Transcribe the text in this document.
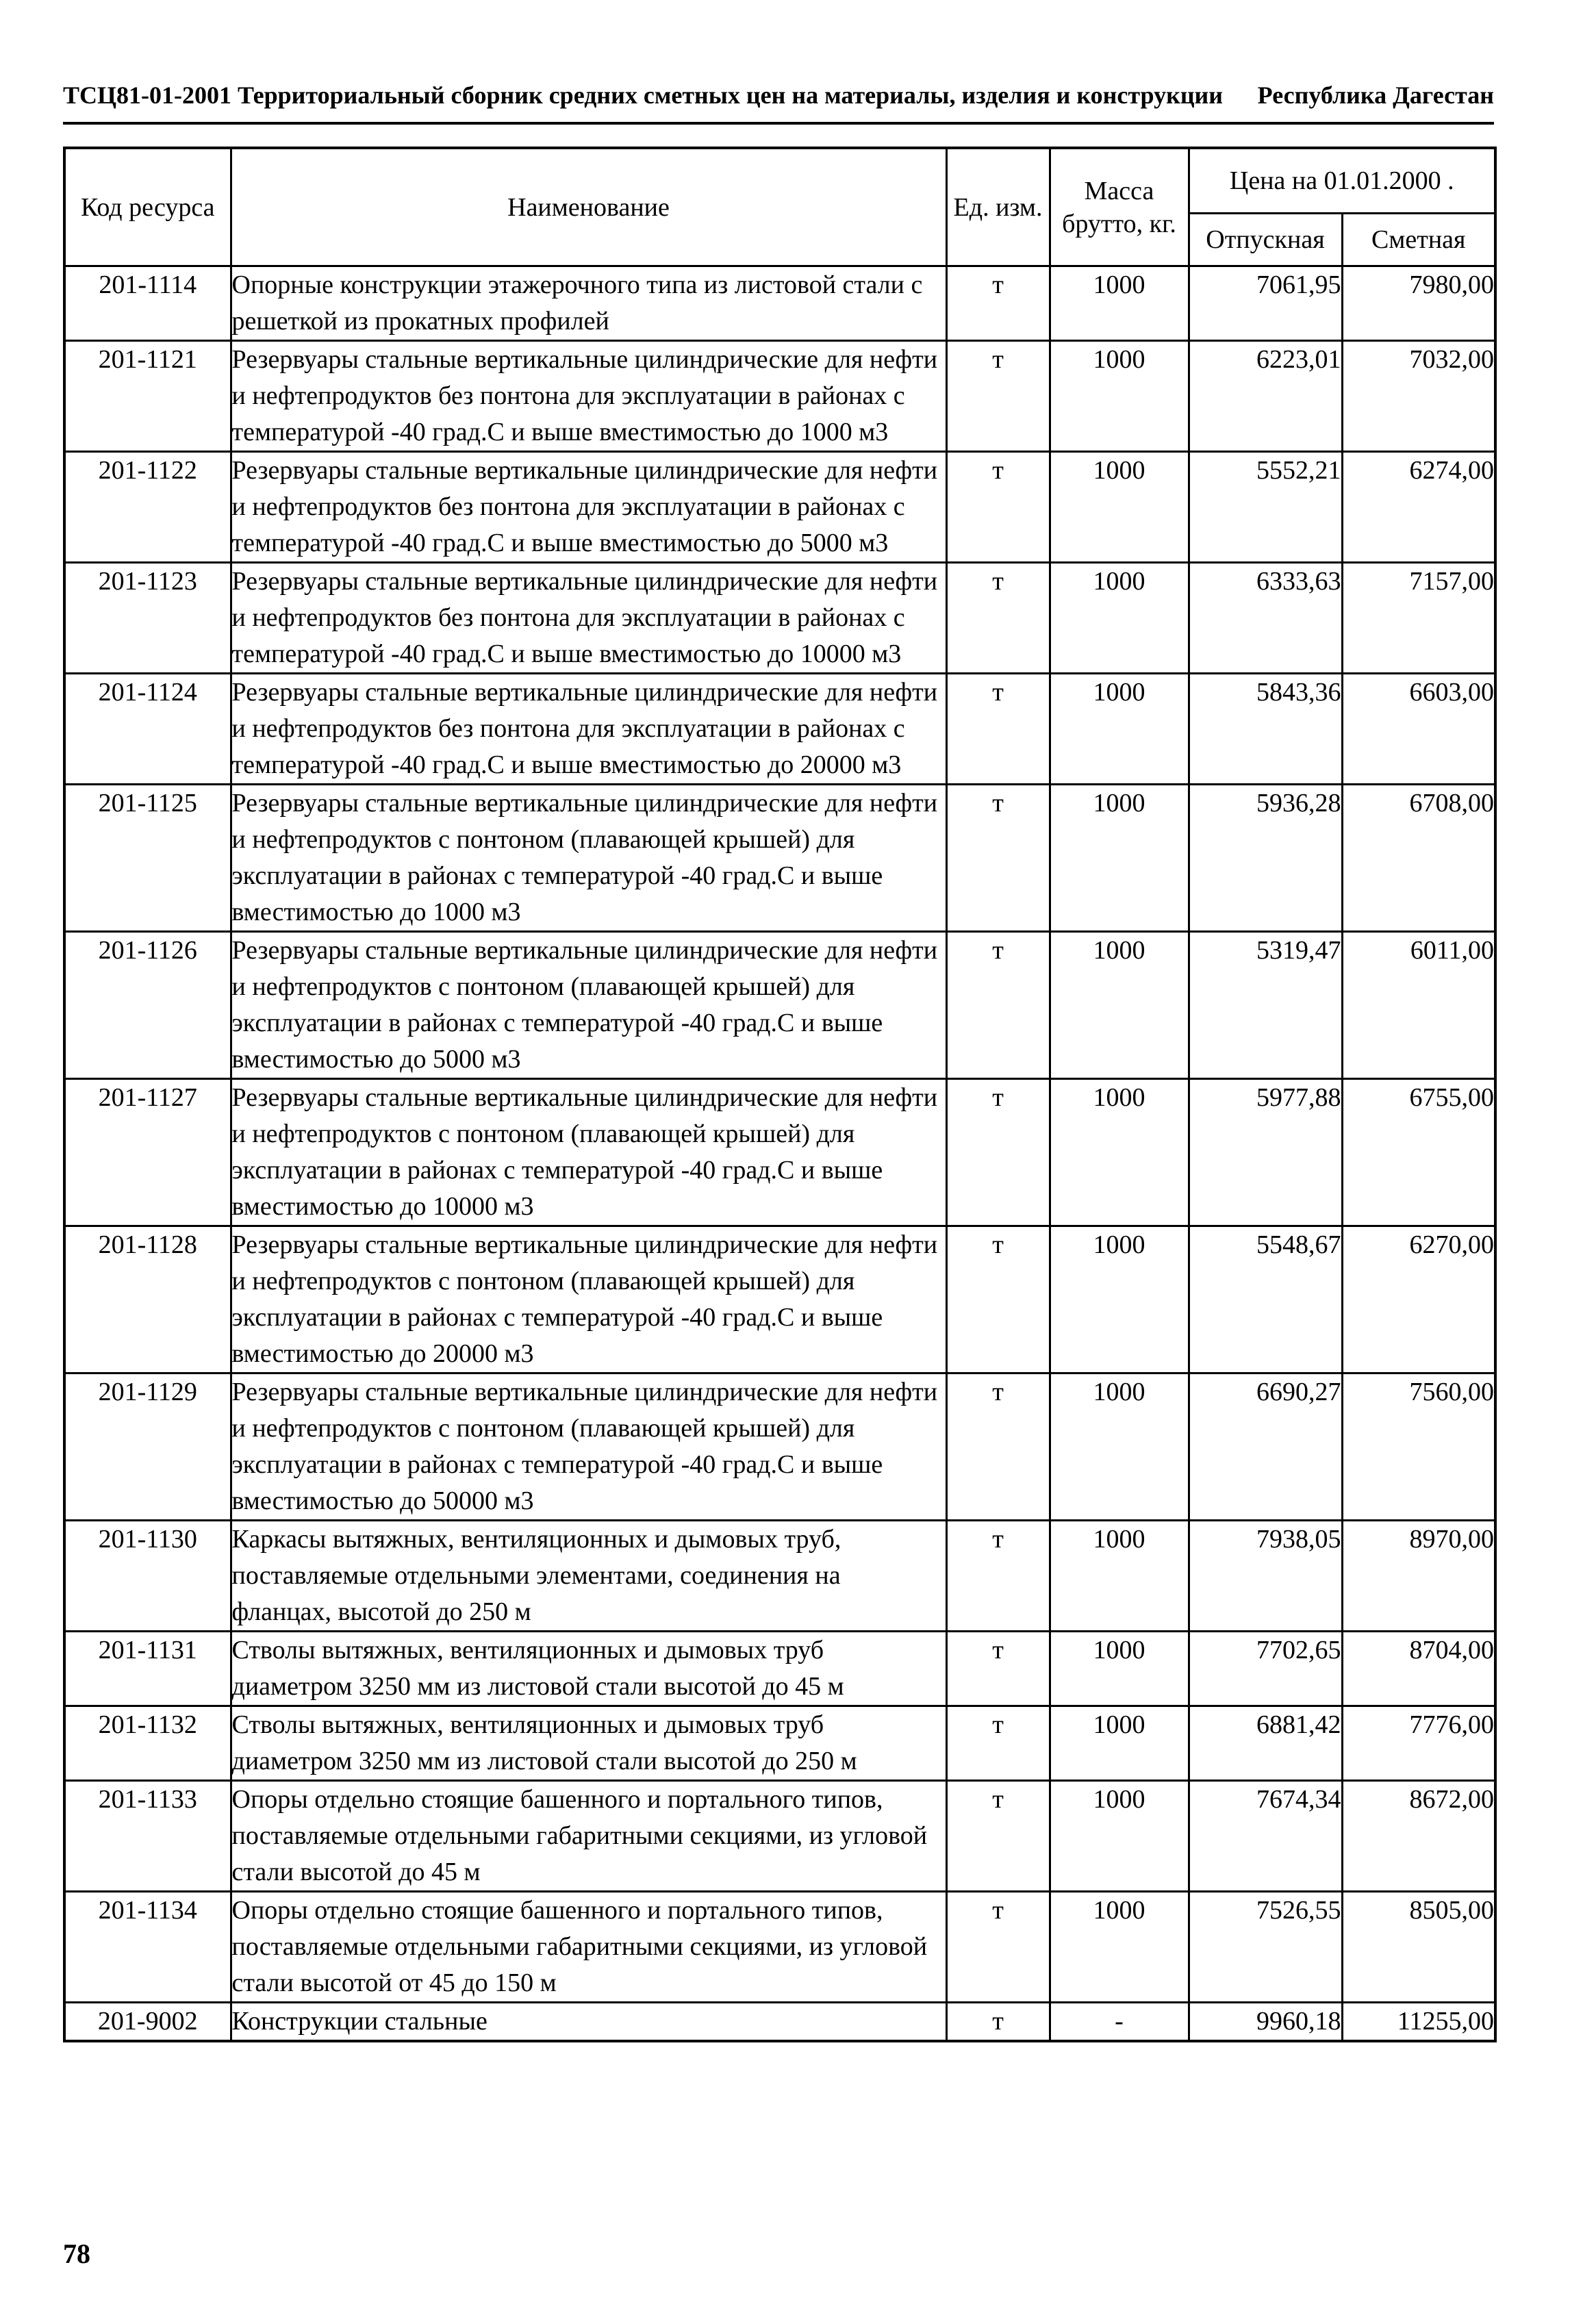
ТСЦ81-01-2001 Территориальный сборник средних сметных цен на материалы, изделия и конструкции Республика Дагестан
Код ресурса	Наименование	Ед. изм.	Масса брутто, кг.	Цена на 01.01.2000 .	
				Отпускная	Сметная
201-1114	Опорные конструкции этажерочного типа из листовой стали с решеткой из прокатных профилей	т	1000	7061,95	7980,00
201-1121	Резервуары стальные вертикальные цилиндрические для нефти и нефтепродуктов без понтона для эксплуатации в районах с температурой -40 град.С и выше вместимостью до 1000 м3	т	1000	6223,01	7032,00
201-1122	Резервуары стальные вертикальные цилиндрические для нефти и нефтепродуктов без понтона для эксплуатации в районах с температурой -40 град.С и выше вместимостью до 5000 м3	т	1000	5552,21	6274,00
201-1123	Резервуары стальные вертикальные цилиндрические для нефти и нефтепродуктов без понтона для эксплуатации в районах с температурой -40 град.С и выше вместимостью до 10000 м3	т	1000	6333,63	7157,00
201-1124	Резервуары стальные вертикальные цилиндрические для нефти и нефтепродуктов без понтона для эксплуатации в районах с температурой -40 град.С и выше вместимостью до 20000 м3	т	1000	5843,36	6603,00
201-1125	Резервуары стальные вертикальные цилиндрические для нефти и нефтепродуктов с понтоном (плавающей крышей) для эксплуатации в районах с температурой -40 град.С и выше вместимостью до 1000 м3	т	1000	5936,28	6708,00
201-1126	Резервуары стальные вертикальные цилиндрические для нефти и нефтепродуктов с понтоном (плавающей крышей) для эксплуатации в районах с температурой -40 град.С и выше вместимостью до 5000 м3	т	1000	5319,47	6011,00
201-1127	Резервуары стальные вертикальные цилиндрические для нефти и нефтепродуктов с понтоном (плавающей крышей) для эксплуатации в районах с температурой -40 град.С и выше вместимостью до 10000 м3	т	1000	5977,88	6755,00
201-1128	Резервуары стальные вертикальные цилиндрические для нефти и нефтепродуктов с понтоном (плавающей крышей) для эксплуатации в районах с температурой -40 град.С и выше вместимостью до 20000 м3	т	1000	5548,67	6270,00
201-1129	Резервуары стальные вертикальные цилиндрические для нефти и нефтепродуктов с понтоном (плавающей крышей) для эксплуатации в районах с температурой -40 град.С и выше вместимостью до 50000 м3	т	1000	6690,27	7560,00
201-1130	Каркасы вытяжных, вентиляционных и дымовых труб, поставляемые отдельными элементами, соединения на фланцах, высотой до 250 м	т	1000	7938,05	8970,00
201-1131	Стволы вытяжных, вентиляционных и дымовых труб диаметром 3250 мм из листовой стали высотой до 45 м	т	1000	7702,65	8704,00
201-1132	Стволы вытяжных, вентиляционных и дымовых труб диаметром 3250 мм из листовой стали высотой до 250 м	т	1000	6881,42	7776,00
201-1133	Опоры отдельно стоящие башенного и портального типов, поставляемые отдельными габаритными секциями, из угловой стали высотой до 45 м	т	1000	7674,34	8672,00
201-1134	Опоры отдельно стоящие башенного и портального типов, поставляемые отдельными габаритными секциями, из угловой стали высотой от 45 до 150 м	т	1000	7526,55	8505,00
201-9002	Конструкции стальные	т	-	9960,18	11255,00
78
